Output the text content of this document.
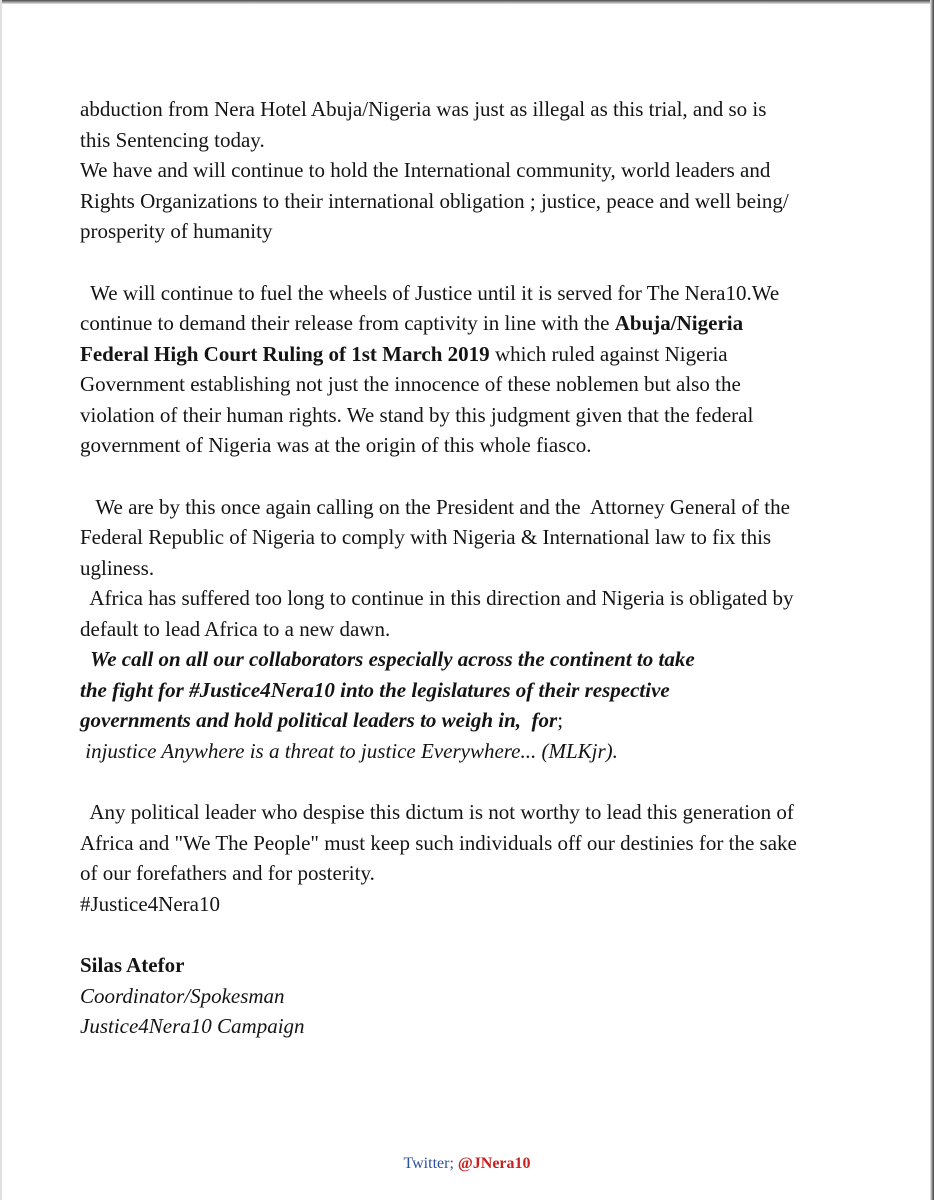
abduction from Nera Hotel Abuja/Nigeria was just as illegal as this trial, and so is

this Sentencing today.

We have and will continue to hold the International community, world leaders and

Rights Organizations to their international obligation ; justice, peace and well being/

prosperity of humanity

We will continue to fuel the wheels of Justice until it is served for The Nera10.We

continue to demand their release from captivity in line with the Abuja/Nigeria

Federal High Court Ruling of 1st March 2019 which ruled against Nigeria

Government establishing not just the innocence of these noblemen but also the

violation of their human rights. We stand by this judgment given that the federal

government of Nigeria was at the origin of this whole fiasco.

We are by this once again calling on the President and the  Attorney General of the

Federal Republic of Nigeria to comply with Nigeria & International law to fix this

ugliness.

Africa has suffered too long to continue in this direction and Nigeria is obligated by

default to lead Africa to a new dawn.

We call on all our collaborators especially across the continent to take

the fight for #Justice4Nera10 into the legislatures of their respective

governments and hold political leaders to weigh in,  for;

injustice Anywhere is a threat to justice Everywhere... (MLKjr).

Any political leader who despise this dictum is not worthy to lead this generation of

Africa and "We The People" must keep such individuals off our destinies for the sake

of our forefathers and for posterity.

#Justice4Nera10

Silas Atefor

Coordinator/Spokesman

Justice4Nera10 Campaign

Twitter; @JNera10
